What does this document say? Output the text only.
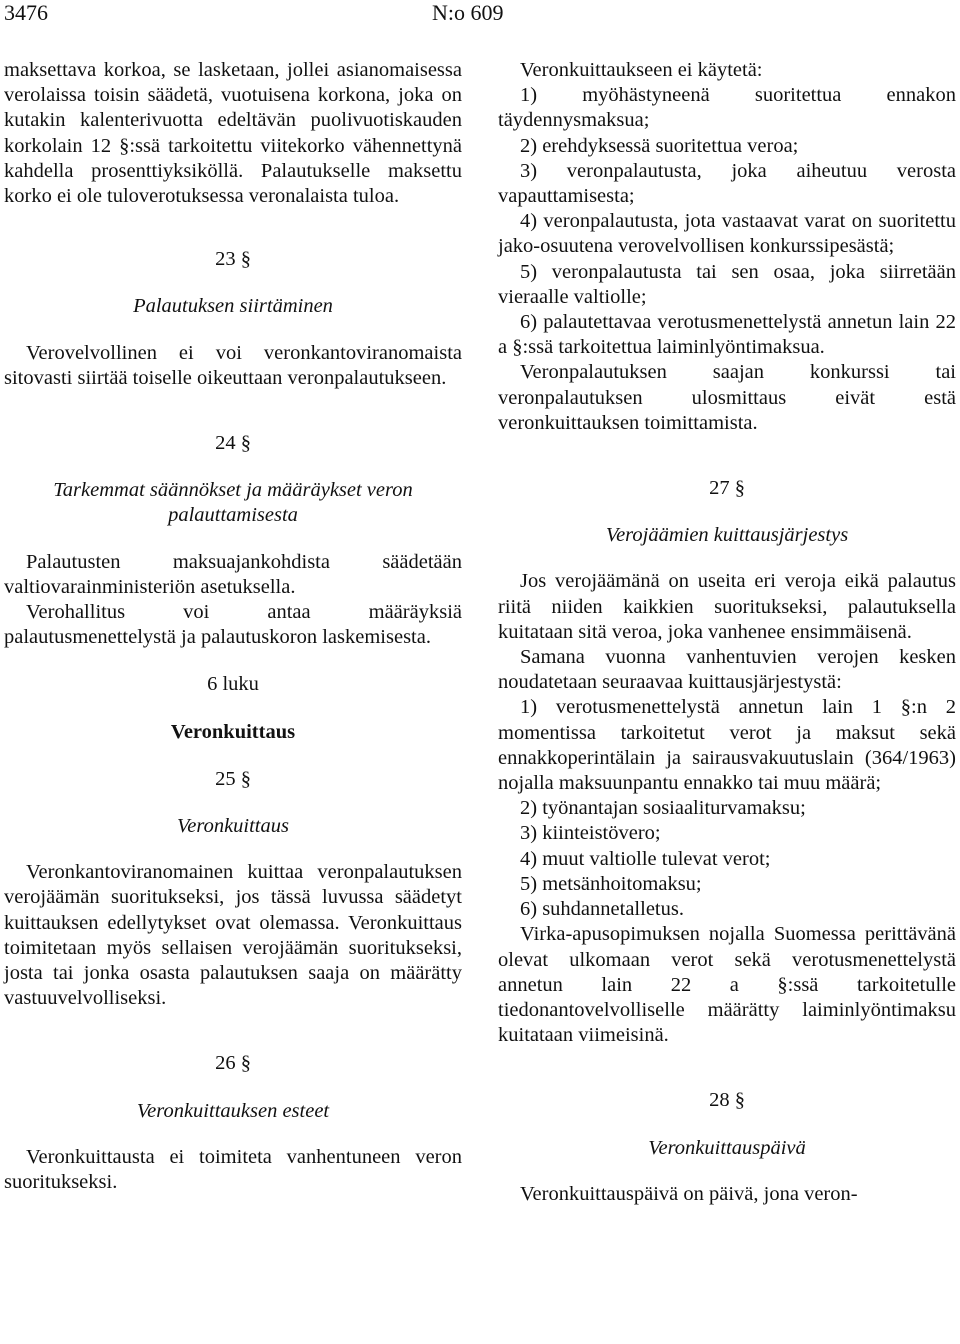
3476	N:o 609

maksettava korkoa, se lasketaan, jollei asianomaisessa verolaissa toisin säädetä, vuotuisena korkona, joka on kutakin kalenterivuotta edeltävän puolivuotiskauden korkolain 12 §:ssä tarkoitettu viitekorko vähennettynä kahdella prosenttiyksiköllä. Palautukselle maksettu korko ei ole tuloverotuksessa veronalaista tuloa.

23 §

Palautuksen siirtäminen

Verovelvollinen ei voi veronkantoviranomaista sitovasti siirtää toiselle oikeuttaan veronpalautukseen.

24 §

Tarkemmat säännökset ja määräykset veron palauttamisesta

Palautusten maksuajankohdista säädetään valtiovarainministeriön asetuksella.

Verohallitus voi antaa määräyksiä palautusmenettelystä ja palautuskoron laskemisesta.

6 luku

Veronkuittaus

25 §

Veronkuittaus

Veronkantoviranomainen kuittaa veronpalautuksen verojäämän suoritukseksi, jos tässä luvussa säädetyt kuittauksen edellytykset ovat olemassa. Veronkuittaus toimitetaan myös sellaisen verojäämän suoritukseksi, josta tai jonka osasta palautuksen saaja on määrätty vastuuvelvolliseksi.

26 §

Veronkuittauksen esteet

Veronkuittausta ei toimiteta vanhentuneen veron suoritukseksi.

Veronkuittaukseen ei käytetä:

1) myöhästyneenä suoritettua ennakon täydennysmaksua;

2) erehdyksessä suoritettua veroa;

3) veronpalautusta, joka aiheutuu verosta vapauttamisesta;

4) veronpalautusta, jota vastaavat varat on suoritettu jako-osuutena verovelvollisen konkurssipesästä;

5) veronpalautusta tai sen osaa, joka siirretään vieraalle valtiolle;

6) palautettavaa verotusmenettelystä annetun lain 22 a §:ssä tarkoitettua laiminlyöntimaksua.

Veronpalautuksen saajan konkurssi tai veronpalautuksen ulosmittaus eivät estä veronkuittauksen toimittamista.

27 §

Verojäämien kuittausjärjestys

Jos verojäämänä on useita eri veroja eikä palautus riitä niiden kaikkien suoritukseksi, palautuksella kuitataan sitä veroa, joka vanhenee ensimmäisenä.

Samana vuonna vanhentuvien verojen kesken noudatetaan seuraavaa kuittausjärjestystä:

1) verotusmenettelystä annetun lain 1 §:n 2 momentissa tarkoitetut verot ja maksut sekä ennakkoperintälain ja sairausvakuutuslain (364/1963) nojalla maksuunpantu ennakko tai muu määrä;

2) työnantajan sosiaaliturvamaksu;

3) kiinteistövero;

4) muut valtiolle tulevat verot;

5) metsänhoitomaksu;

6) suhdannetalletus.

Virka-apusopimuksen nojalla Suomessa perittävänä olevat ulkomaan verot sekä verotusmenettelystä annetun lain 22 a §:ssä tarkoitetulle tiedonantovelvolliselle määrätty laiminlyöntimaksu kuitataan viimeisinä.

28 §

Veronkuittauspäivä

Veronkuittauspäivä on päivä, jona veron-
